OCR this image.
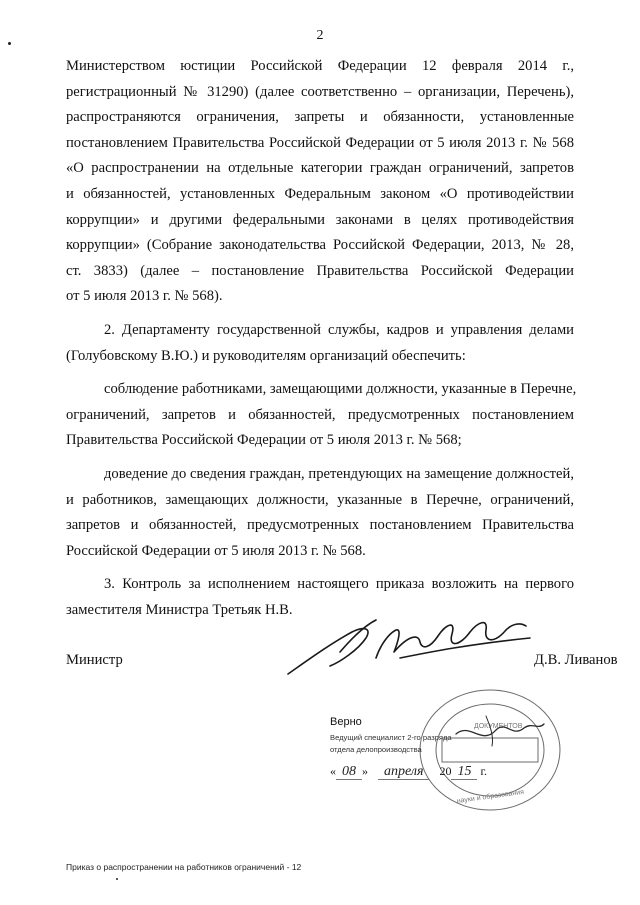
2
Министерством юстиции Российской Федерации 12 февраля 2014 г.,
регистрационный № 31290) (далее соответственно – организации, Перечень),
распространяются ограничения, запреты и обязанности, установленные
постановлением Правительства Российской Федерации от 5 июля 2013 г. № 568
«О распространении на отдельные категории граждан ограничений, запретов
и обязанностей, установленных Федеральным законом «О противодействии
коррупции» и другими федеральными законами в целях противодействия
коррупции» (Собрание законодательства Российской Федерации, 2013, № 28,
ст. 3833) (далее – постановление Правительства Российской Федерации
от 5 июля 2013 г. № 568).
2. Департаменту государственной службы, кадров и управления делами
(Голубовскому В.Ю.) и руководителям организаций обеспечить:
соблюдение работниками, замещающими должности, указанные в Перечне,
ограничений, запретов и обязанностей, предусмотренных постановлением
Правительства Российской Федерации от 5 июля 2013 г. № 568;
доведение до сведения граждан, претендующих на замещение должностей,
и работников, замещающих должности, указанные в Перечне, ограничений,
запретов и обязанностей, предусмотренных постановлением Правительства
Российской Федерации от 5 июля 2013 г. № 568.
3. Контроль за исполнением настоящего приказа возложить на первого
заместителя Министра Третьяк Н.В.
Министр	Д.В. Ливанов
ДОКУМЕНТОВ
науки и образования
Верно
Ведущий специалист 2-го разряда
отдела делопроизводства
« 08 » апреля 20 15 г.
Приказ о распространении на работников ограничений - 12
